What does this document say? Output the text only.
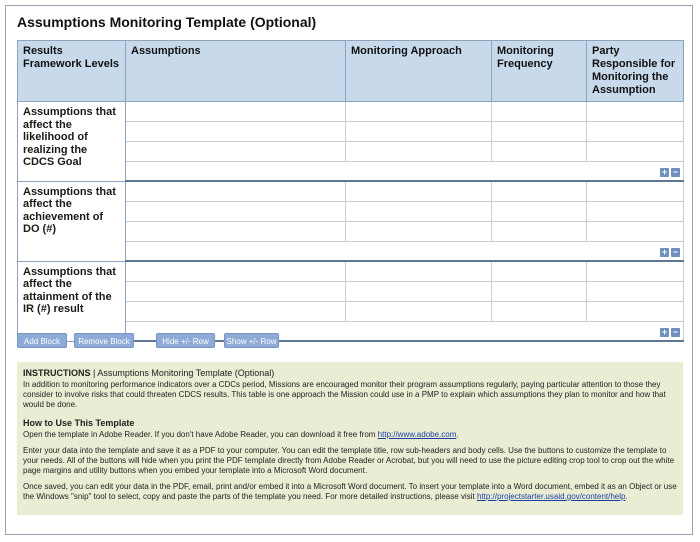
Assumptions Monitoring Template (Optional)
Results Framework Levels	Assumptions	Monitoring Approach	Monitoring Frequency	Party Responsible for Monitoring the Assumption
Assumptions that affect the likelihood of realizing the CDCS Goal				

	+ −			
Assumptions that affect the achievement of DO (#)				

	+ −			
Assumptions that affect the attainment of the IR (#) result				

	+ −			
Add Block	Remove Block	Hide +/- Row	Show +/- Row
INSTRUCTIONS | Assumptions Monitoring Template (Optional)

In addition to monitoring performance indicators over a CDCs period, Missions are encouraged monitor their program assumptions regularly, paying particular attention to those they consider to involve risks that could threaten CDCS results. This table is one approach the Mission could use in a PMP to explain which assumptions they plan to monitor and how that would be done.

How to Use This Template

Open the template in Adobe Reader. If you don't have Adobe Reader, you can download it free from http://www.adobe.com.

Enter your data into the template and save it as a PDF to your computer. You can edit the template title, row sub-headers and body cells. Use the buttons to customize the template to your needs. All of the buttons will hide when you print the PDF template directly from Adobe Reader or Acrobat, but you will need to use the picture editing crop tool to crop out the white page margins and utility buttons when you embed your template into a Microsoft Word document.

Once saved, you can edit your data in the PDF, email, print and/or embed it into a Microsoft Word document. To insert your template into a Word document, embed it as an Object or use the Windows "snip" tool to select, copy and paste the parts of the template you need. For more detailed instructions, please visit http://projectstarter.usaid.gov/content/help.
